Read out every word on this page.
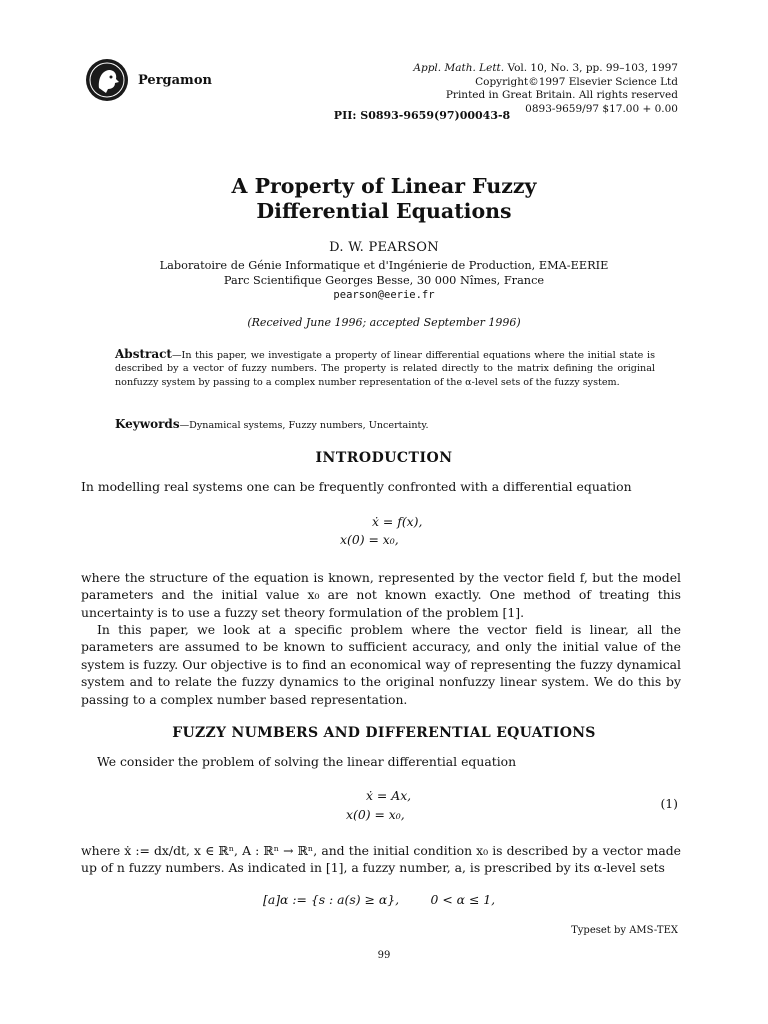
Pergamon
Appl. Math. Lett. Vol. 10, No. 3, pp. 99–103, 1997
Copyright©1997 Elsevier Science Ltd
Printed in Great Britain. All rights reserved
0893-9659/97 $17.00 + 0.00
PII: S0893-9659(97)00043-8
A Property of Linear Fuzzy
Differential Equations
D. W. PEARSON
Laboratoire de Génie Informatique et d'Ingénierie de Production, EMA-EERIE
Parc Scientifique Georges Besse, 30 000 Nîmes, France
pearson@eerie.fr
(Received June 1996; accepted September 1996)
Abstract—In this paper, we investigate a property of linear differential equations where the initial state is described by a vector of fuzzy numbers. The property is related directly to the matrix defining the original nonfuzzy system by passing to a complex number representation of the α-level sets of the fuzzy system.
Keywords—Dynamical systems, Fuzzy numbers, Uncertainty.
INTRODUCTION
In modelling real systems one can be frequently confronted with a differential equation
ẋ = f(x),
x(0) = x₀,
where the structure of the equation is known, represented by the vector field f, but the model parameters and the initial value x₀ are not known exactly. One method of treating this uncertainty is to use a fuzzy set theory formulation of the problem [1].
In this paper, we look at a specific problem where the vector field is linear, all the parameters are assumed to be known to sufficient accuracy, and only the initial value of the system is fuzzy. Our objective is to find an economical way of representing the fuzzy dynamical system and to relate the fuzzy dynamics to the original nonfuzzy linear system. We do this by passing to a complex number based representation.
FUZZY NUMBERS AND DIFFERENTIAL EQUATIONS
We consider the problem of solving the linear differential equation
ẋ = Ax,
x(0) = x₀,
(1)
where ẋ := dx/dt, x ∈ ℝⁿ, A : ℝⁿ → ℝⁿ, and the initial condition x₀ is described by a vector made up of n fuzzy numbers. As indicated in [1], a fuzzy number, a, is prescribed by its α-level sets
[a]α := {s : a(s) ≥ α},        0 < α ≤ 1,
Typeset by AMS-TEX
99
